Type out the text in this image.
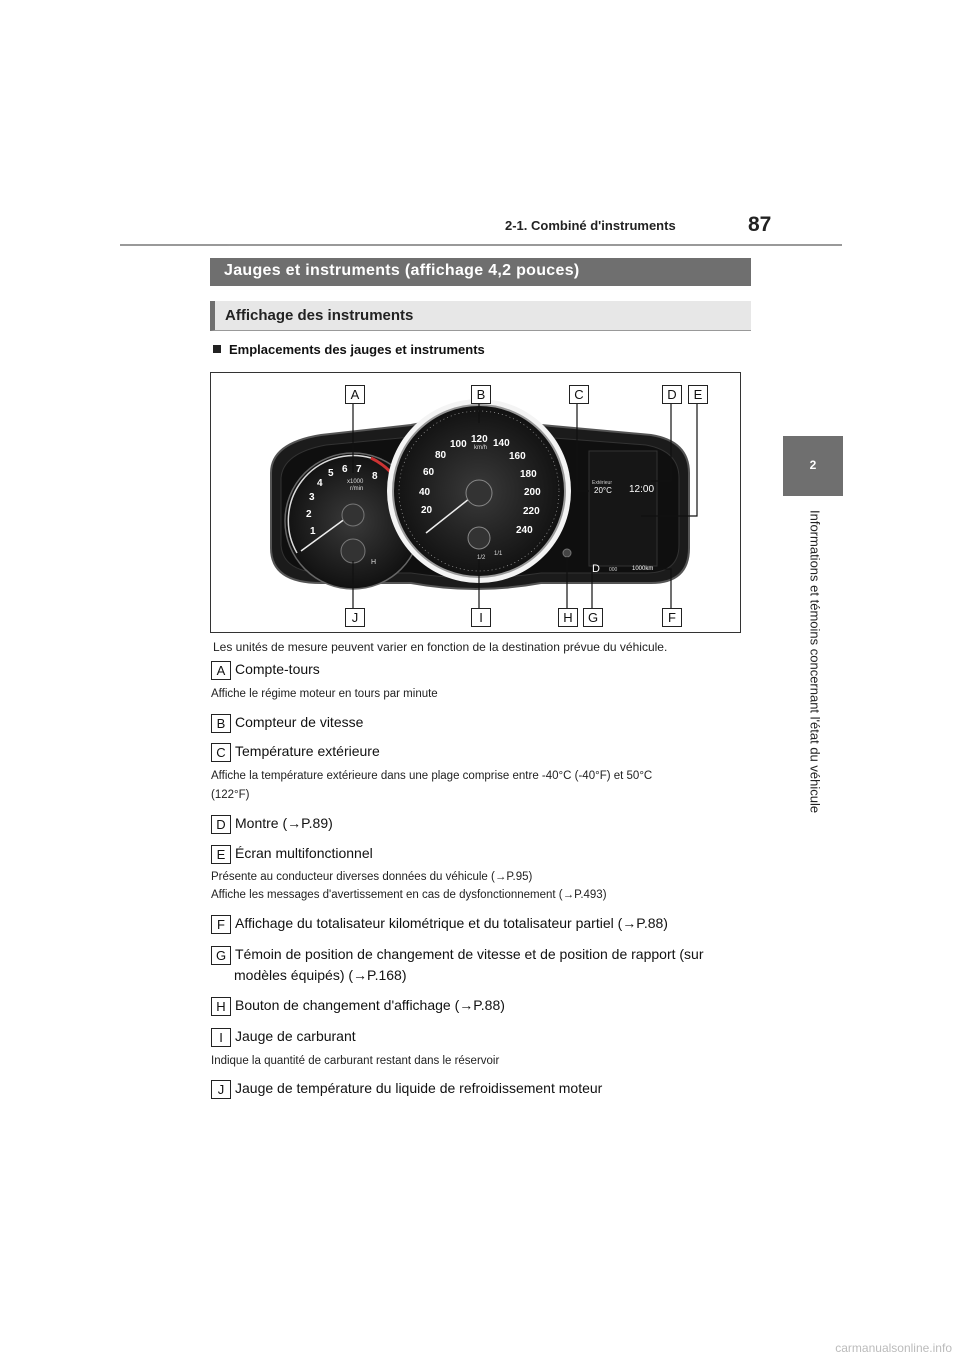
87
2-1. Combiné d'instruments
2
Informations et témoins concernant l'état du véhicule
Jauges et instruments (affichage 4,2 pouces)
Affichage des instruments
Emplacements des jauges et instruments
1
2
3
4
5 6 7
8
x1000
r/min
H
20
40
60
80
100 120
km/h 140
160
180
200
220
240
1/2
1/1
Extérieur
20°C 12:00
D 000 1000km
A	B	C	D	E
J	I	H	G	F
Les unités de mesure peuvent varier en fonction de la destination prévue du véhicule.
A Compte-tours
Affiche le régime moteur en tours par minute
B Compteur de vitesse
C Température extérieure
Affiche la température extérieure dans une plage comprise entre -40°C (-40°F) et 50°C
(122°F)
D Montre (→P.89)
E Écran multifonctionnel
Présente au conducteur diverses données du véhicule (→P.95)
Affiche les messages d'avertissement en cas de dysfonctionnement (→P.493)
F Affichage du totalisateur kilométrique et du totalisateur partiel (→P.88)
G Témoin de position de changement de vitesse et de position de rapport (sur
modèles équipés) (→P.168)
H Bouton de changement d'affichage (→P.88)
I Jauge de carburant
Indique la quantité de carburant restant dans le réservoir
J Jauge de température du liquide de refroidissement moteur
carmanualsonline.info
